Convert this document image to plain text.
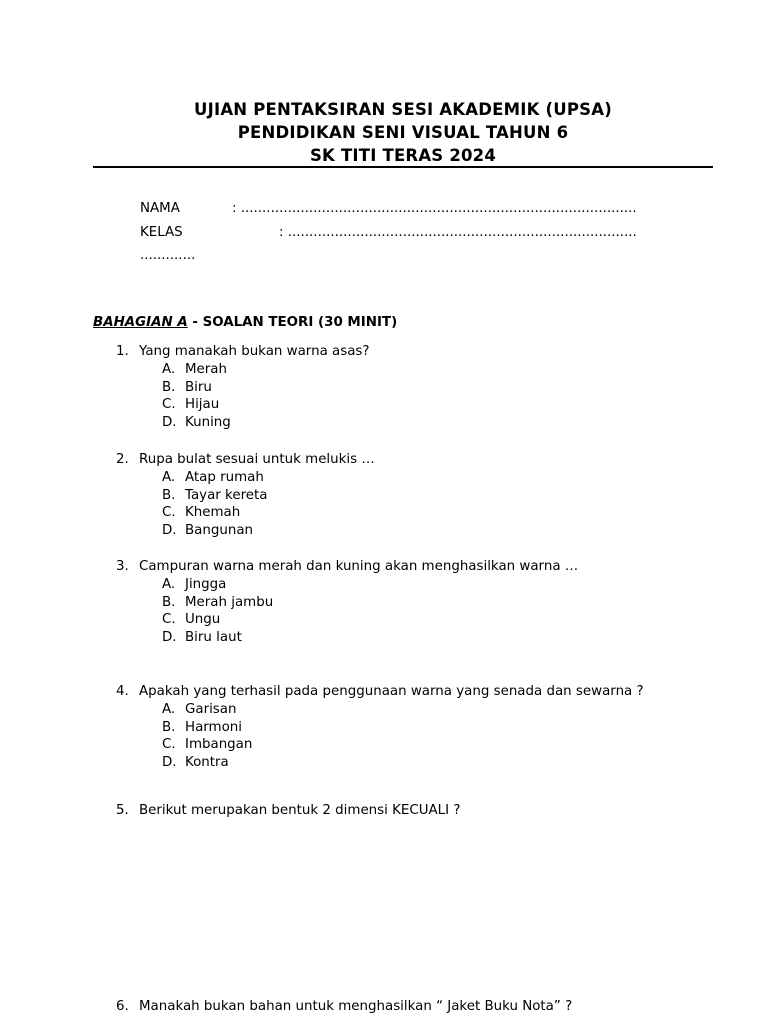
UJIAN PENTAKSIRAN SESI AKADEMIK (UPSA)
PENDIDIKAN SENI VISUAL TAHUN 6
SK TITI TERAS 2024
NAMA	: .............................................................................................
KELAS	: ..................................................................................
.............
BAHAGIAN A - SOALAN TEORI (30 MINIT)
1. Yang manakah bukan warna asas?
A. Merah
B. Biru
C. Hijau
D. Kuning
2. Rupa bulat sesuai untuk melukis …
A. Atap rumah
B. Tayar kereta
C. Khemah
D. Bangunan
3. Campuran warna merah dan kuning akan menghasilkan warna …
A. Jingga
B. Merah jambu
C. Ungu
D. Biru laut
4. Apakah yang terhasil pada penggunaan warna yang senada dan sewarna ?
A. Garisan
B. Harmoni
C. Imbangan
D. Kontra
5. Berikut merupakan bentuk 2 dimensi KECUALI ?
6. Manakah bukan bahan untuk menghasilkan “ Jaket Buku Nota” ?
